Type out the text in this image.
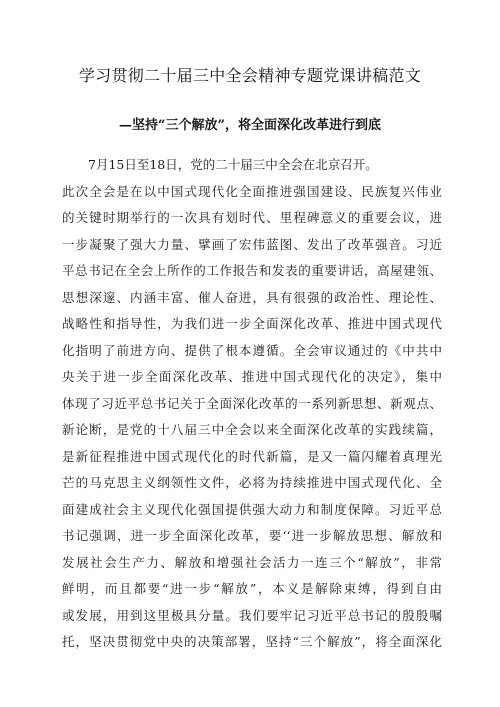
学习贯彻二十届三中全会精神专题党课讲稿范文
—坚持“三个解放”，将全面深化改革进行到底
7月15日至18日，党的二十届三中全会在北京召开。
此次全会是在以中国式现代化全面推进强国建设、民族复兴伟业
的关键时期举行的一次具有划时代、里程碑意义的重要会议，进
一步凝聚了强大力量、擘画了宏伟蓝图、发出了改革强音。习近
平总书记在全会上所作的工作报告和发表的重要讲话，高屋建瓴、
思想深邃、内涵丰富、催人奋进，具有很强的政治性、理论性、
战略性和指导性，为我们进一步全面深化改革、推进中国式现代
化指明了前进方向、提供了根本遵循。全会审议通过的《中共中
央关于进一步全面深化改革、推进中国式现代化的决定》，集中
体现了习近平总书记关于全面深化改革的一系列新思想、新观点、
新论断，是党的十八届三中全会以来全面深化改革的实践续篇，
是新征程推进中国式现代化的时代新篇，是又一篇闪耀着真理光
芒的马克思主义纲领性文件，必将为持续推进中国式现代化、全
面建成社会主义现代化强国提供强大动力和制度保障。习近平总
书记强调，进一步全面深化改革，要‘‘进一步解放思想、解放和
发展社会生产力、解放和增强社会活力一连三个“解放”，非常
鲜明，而且都要“进一步“解放”，本义是解除束缚，得到自由
或发展，用到这里极具分量。我们要牢记习近平总书记的殷殷嘱
托，坚决贯彻党中央的决策部署，坚持“三个解放”，将全面深化
